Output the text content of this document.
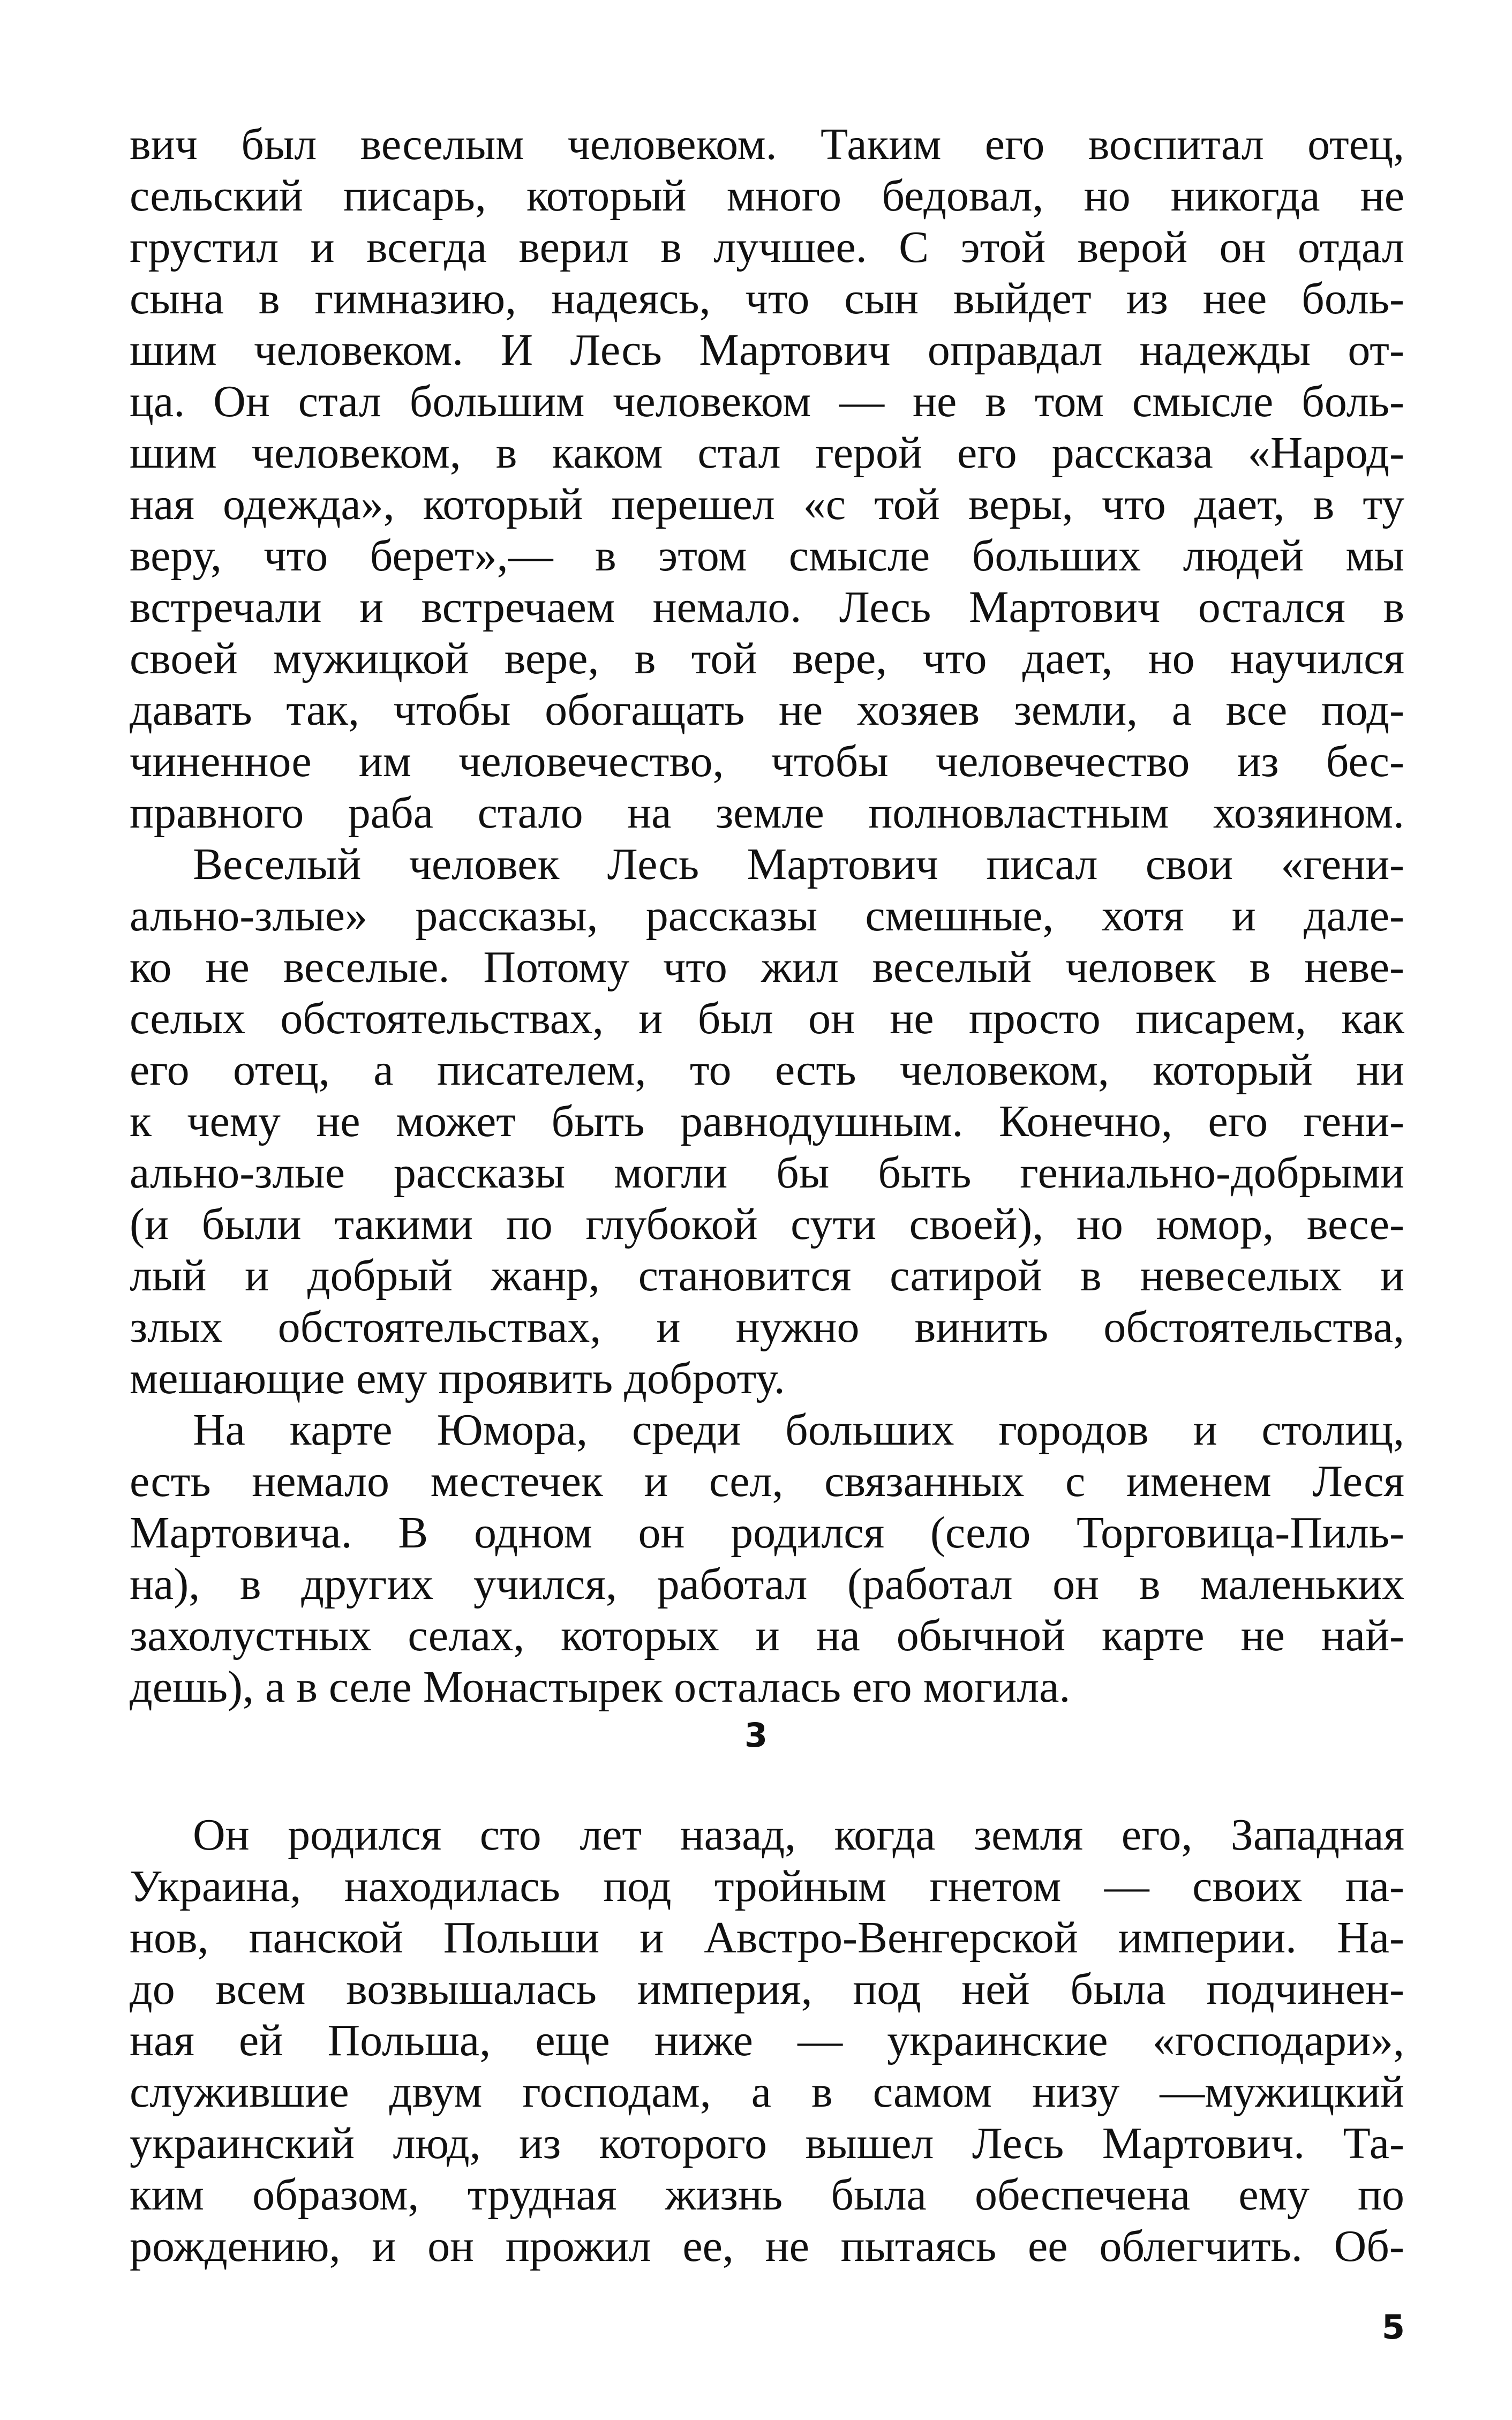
вич был веселым человеком. Таким его воспитал отец,
сельский писарь, который много бедовал, но никогда не
грустил и всегда верил в лучшее. С этой верой он отдал
сына в гимназию, надеясь, что сын выйдет из нее боль-
шим человеком. И Лесь Мартович оправдал надежды от-
ца. Он стал большим человеком — не в том смысле боль-
шим человеком, в каком стал герой его рассказа «Народ-
ная одежда», который перешел «с той веры, что дает, в ту
веру, что берет»,— в этом смысле больших людей мы
встречали и встречаем немало. Лесь Мартович остался в
своей мужицкой вере, в той вере, что дает, но научился
давать так, чтобы обогащать не хозяев земли, а все под-
чиненное им человечество, чтобы человечество из бес-
правного раба стало на земле полновластным хозяином.
Веселый человек Лесь Мартович писал свои «гени-
ально-злые» рассказы, рассказы смешные, хотя и дале-
ко не веселые. Потому что жил веселый человек в неве-
селых обстоятельствах, и был он не просто писарем, как
его отец, а писателем, то есть человеком, который ни
к чему не может быть равнодушным. Конечно, его гени-
ально-злые рассказы могли бы быть гениально-добрыми
(и были такими по глубокой сути своей), но юмор, весе-
лый и добрый жанр, становится сатирой в невеселых и
злых обстоятельствах, и нужно винить обстоятельства,
мешающие ему проявить доброту.
На карте Юмора, среди больших городов и столиц,
есть немало местечек и сел, связанных с именем Леся
Мартовича. В одном он родился (село Торговица-Пиль-
на), в других учился, работал (работал он в маленьких
захолустных селах, которых и на обычной карте не най-
дешь), а в селе Монастырек осталась его могила.
3
Он родился сто лет назад, когда земля его, Западная
Украина, находилась под тройным гнетом — своих па-
нов, панской Польши и Австро-Венгерской империи. На-
до всем возвышалась империя, под ней была подчинен-
ная ей Польша, еще ниже — украинские «господари»,
служившие двум господам, а в самом низу —мужицкий
украинский люд, из которого вышел Лесь Мартович. Та-
ким образом, трудная жизнь была обеспечена ему по
рождению, и он прожил ее, не пытаясь ее облегчить. Об-
5
